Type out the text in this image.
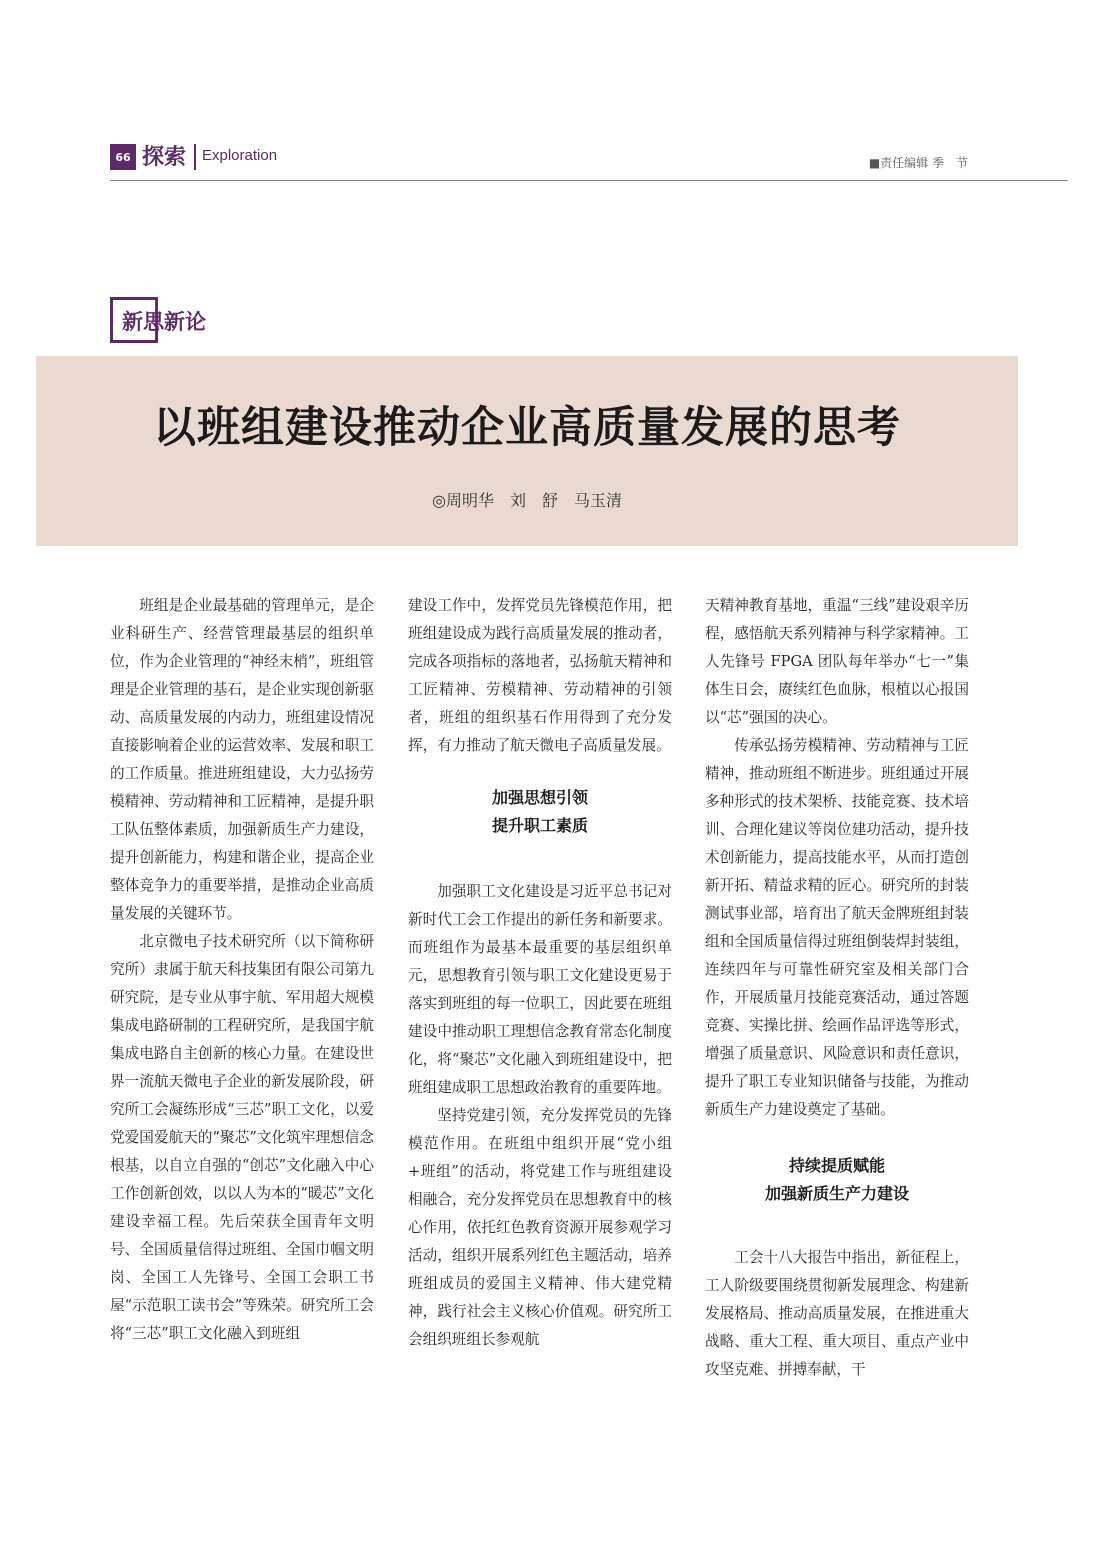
66 探索 Exploration	■责任编辑 季　节
新思新论
以班组建设推动企业高质量发展的思考
◎周明华　刘　舒　马玉清

班组是企业最基础的管理单元，是企业科研生产、经营管理最基层的组织单位，作为企业管理的“神经末梢”，班组管理是企业管理的基石，是企业实现创新驱动、高质量发展的内动力，班组建设情况直接影响着企业的运营效率、发展和职工的工作质量。推进班组建设，大力弘扬劳模精神、劳动精神和工匠精神，是提升职工队伍整体素质，加强新质生产力建设，提升创新能力，构建和谐企业，提高企业整体竞争力的重要举措，是推动企业高质量发展的关键环节。

北京微电子技术研究所（以下简称研究所）隶属于航天科技集团有限公司第九研究院，是专业从事宇航、军用超大规模集成电路研制的工程研究所，是我国宇航集成电路自主创新的核心力量。在建设世界一流航天微电子企业的新发展阶段，研究所工会凝练形成“三芯”职工文化，以爱党爱国爱航天的“聚芯”文化筑牢理想信念根基，以自立自强的“创芯”文化融入中心工作创新创效，以以人为本的“暖芯”文化建设幸福工程。先后荣获全国青年文明号、全国质量信得过班组、全国巾帼文明岗、全国工人先锋号、全国工会职工书屋“示范职工读书会”等殊荣。研究所工会将“三芯”职工文化融入到班组

建设工作中，发挥党员先锋模范作用，把班组建设成为践行高质量发展的推动者，完成各项指标的落地者，弘扬航天精神和工匠精神、劳模精神、劳动精神的引领者，班组的组织基石作用得到了充分发挥，有力推动了航天微电子高质量发展。

加强思想引领
提升职工素质

加强职工文化建设是习近平总书记对新时代工会工作提出的新任务和新要求。而班组作为最基本最重要的基层组织单元，思想教育引领与职工文化建设更易于落实到班组的每一位职工，因此要在班组建设中推动职工理想信念教育常态化制度化，将“聚芯”文化融入到班组建设中，把班组建成职工思想政治教育的重要阵地。

坚持党建引领，充分发挥党员的先锋模范作用。在班组中组织开展“党小组+班组”的活动，将党建工作与班组建设相融合，充分发挥党员在思想教育中的核心作用，依托红色教育资源开展参观学习活动，组织开展系列红色主题活动，培养班组成员的爱国主义精神、伟大建党精神，践行社会主义核心价值观。研究所工会组织班组长参观航

天精神教育基地，重温“三线”建设艰辛历程，感悟航天系列精神与科学家精神。工人先锋号 FPGA 团队每年举办“七一”集体生日会，赓续红色血脉，根植以心报国以“芯”强国的决心。

传承弘扬劳模精神、劳动精神与工匠精神，推动班组不断进步。班组通过开展多种形式的技术架桥、技能竞赛、技术培训、合理化建议等岗位建功活动，提升技术创新能力，提高技能水平，从而打造创新开拓、精益求精的匠心。研究所的封装测试事业部，培育出了航天金牌班组封装组和全国质量信得过班组倒装焊封装组，连续四年与可靠性研究室及相关部门合作，开展质量月技能竞赛活动，通过答题竞赛、实操比拼、绘画作品评选等形式，增强了质量意识、风险意识和责任意识，提升了职工专业知识储备与技能，为推动新质生产力建设奠定了基础。

持续提质赋能
加强新质生产力建设

工会十八大报告中指出，新征程上，工人阶级要围绕贯彻新发展理念、构建新发展格局、推动高质量发展，在推进重大战略、重大工程、重大项目、重点产业中攻坚克难、拼搏奉献，干
